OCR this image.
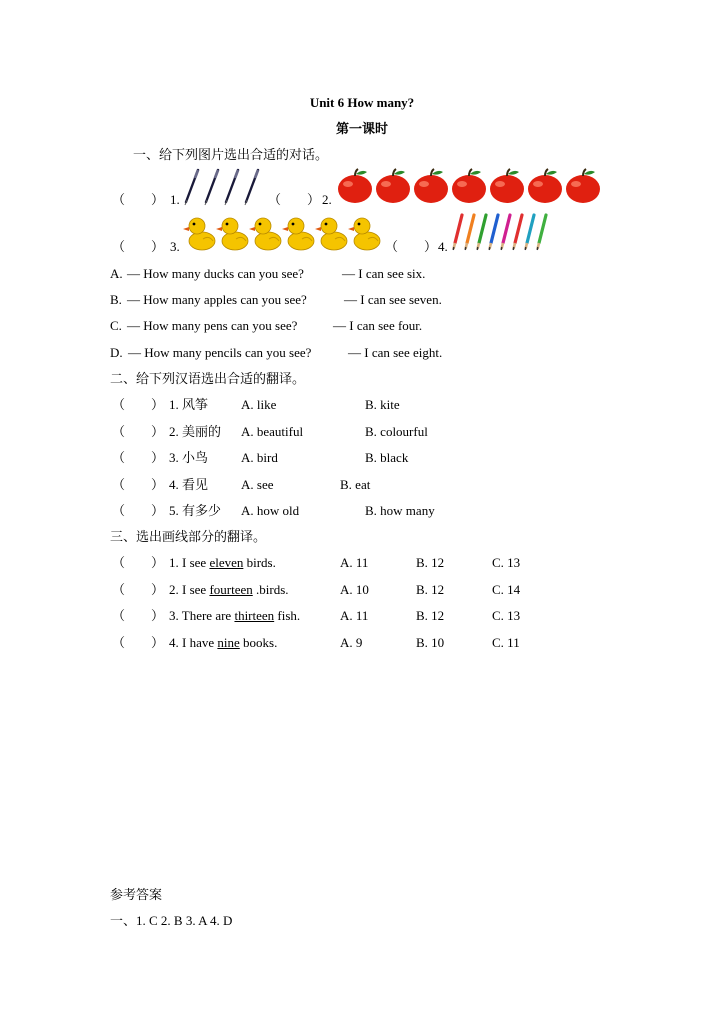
Unit 6 How many?
第一课时
一、给下列图片选出合适的对话。
（　　） 1.	（　　） 2.
（　　） 3.	（　　） 4.
A. — How many ducks can you see?	— I can see six.
B. — How many apples can you see?	— I can see seven.
C. — How many pens can you see?	— I can see four.
D. — How many pencils can you see?	— I can see eight.
二、给下列汉语选出合适的翻译。
（　　） 1. 风筝	A. like	B. kite
（　　） 2. 美丽的 A. beautiful	B. colourful
（　　） 3. 小鸟	A. bird	B. black
（　　） 4. 看见	A. see	B. eat
（　　） 5. 有多少 A. how old	B. how many
三、选出画线部分的翻译。
（　　） 1. I see eleven birds.	A. 11	B. 12	C. 13
（　　） 2. I see fourteen .birds.	A. 10	B. 12	C. 14
（　　） 3. There are thirteen fish.	A. 11	B. 12	C. 13
（　　） 4. I have nine books.	A. 9	B. 10	C. 11
参考答案
一、1. C 2. B 3. A 4. D
